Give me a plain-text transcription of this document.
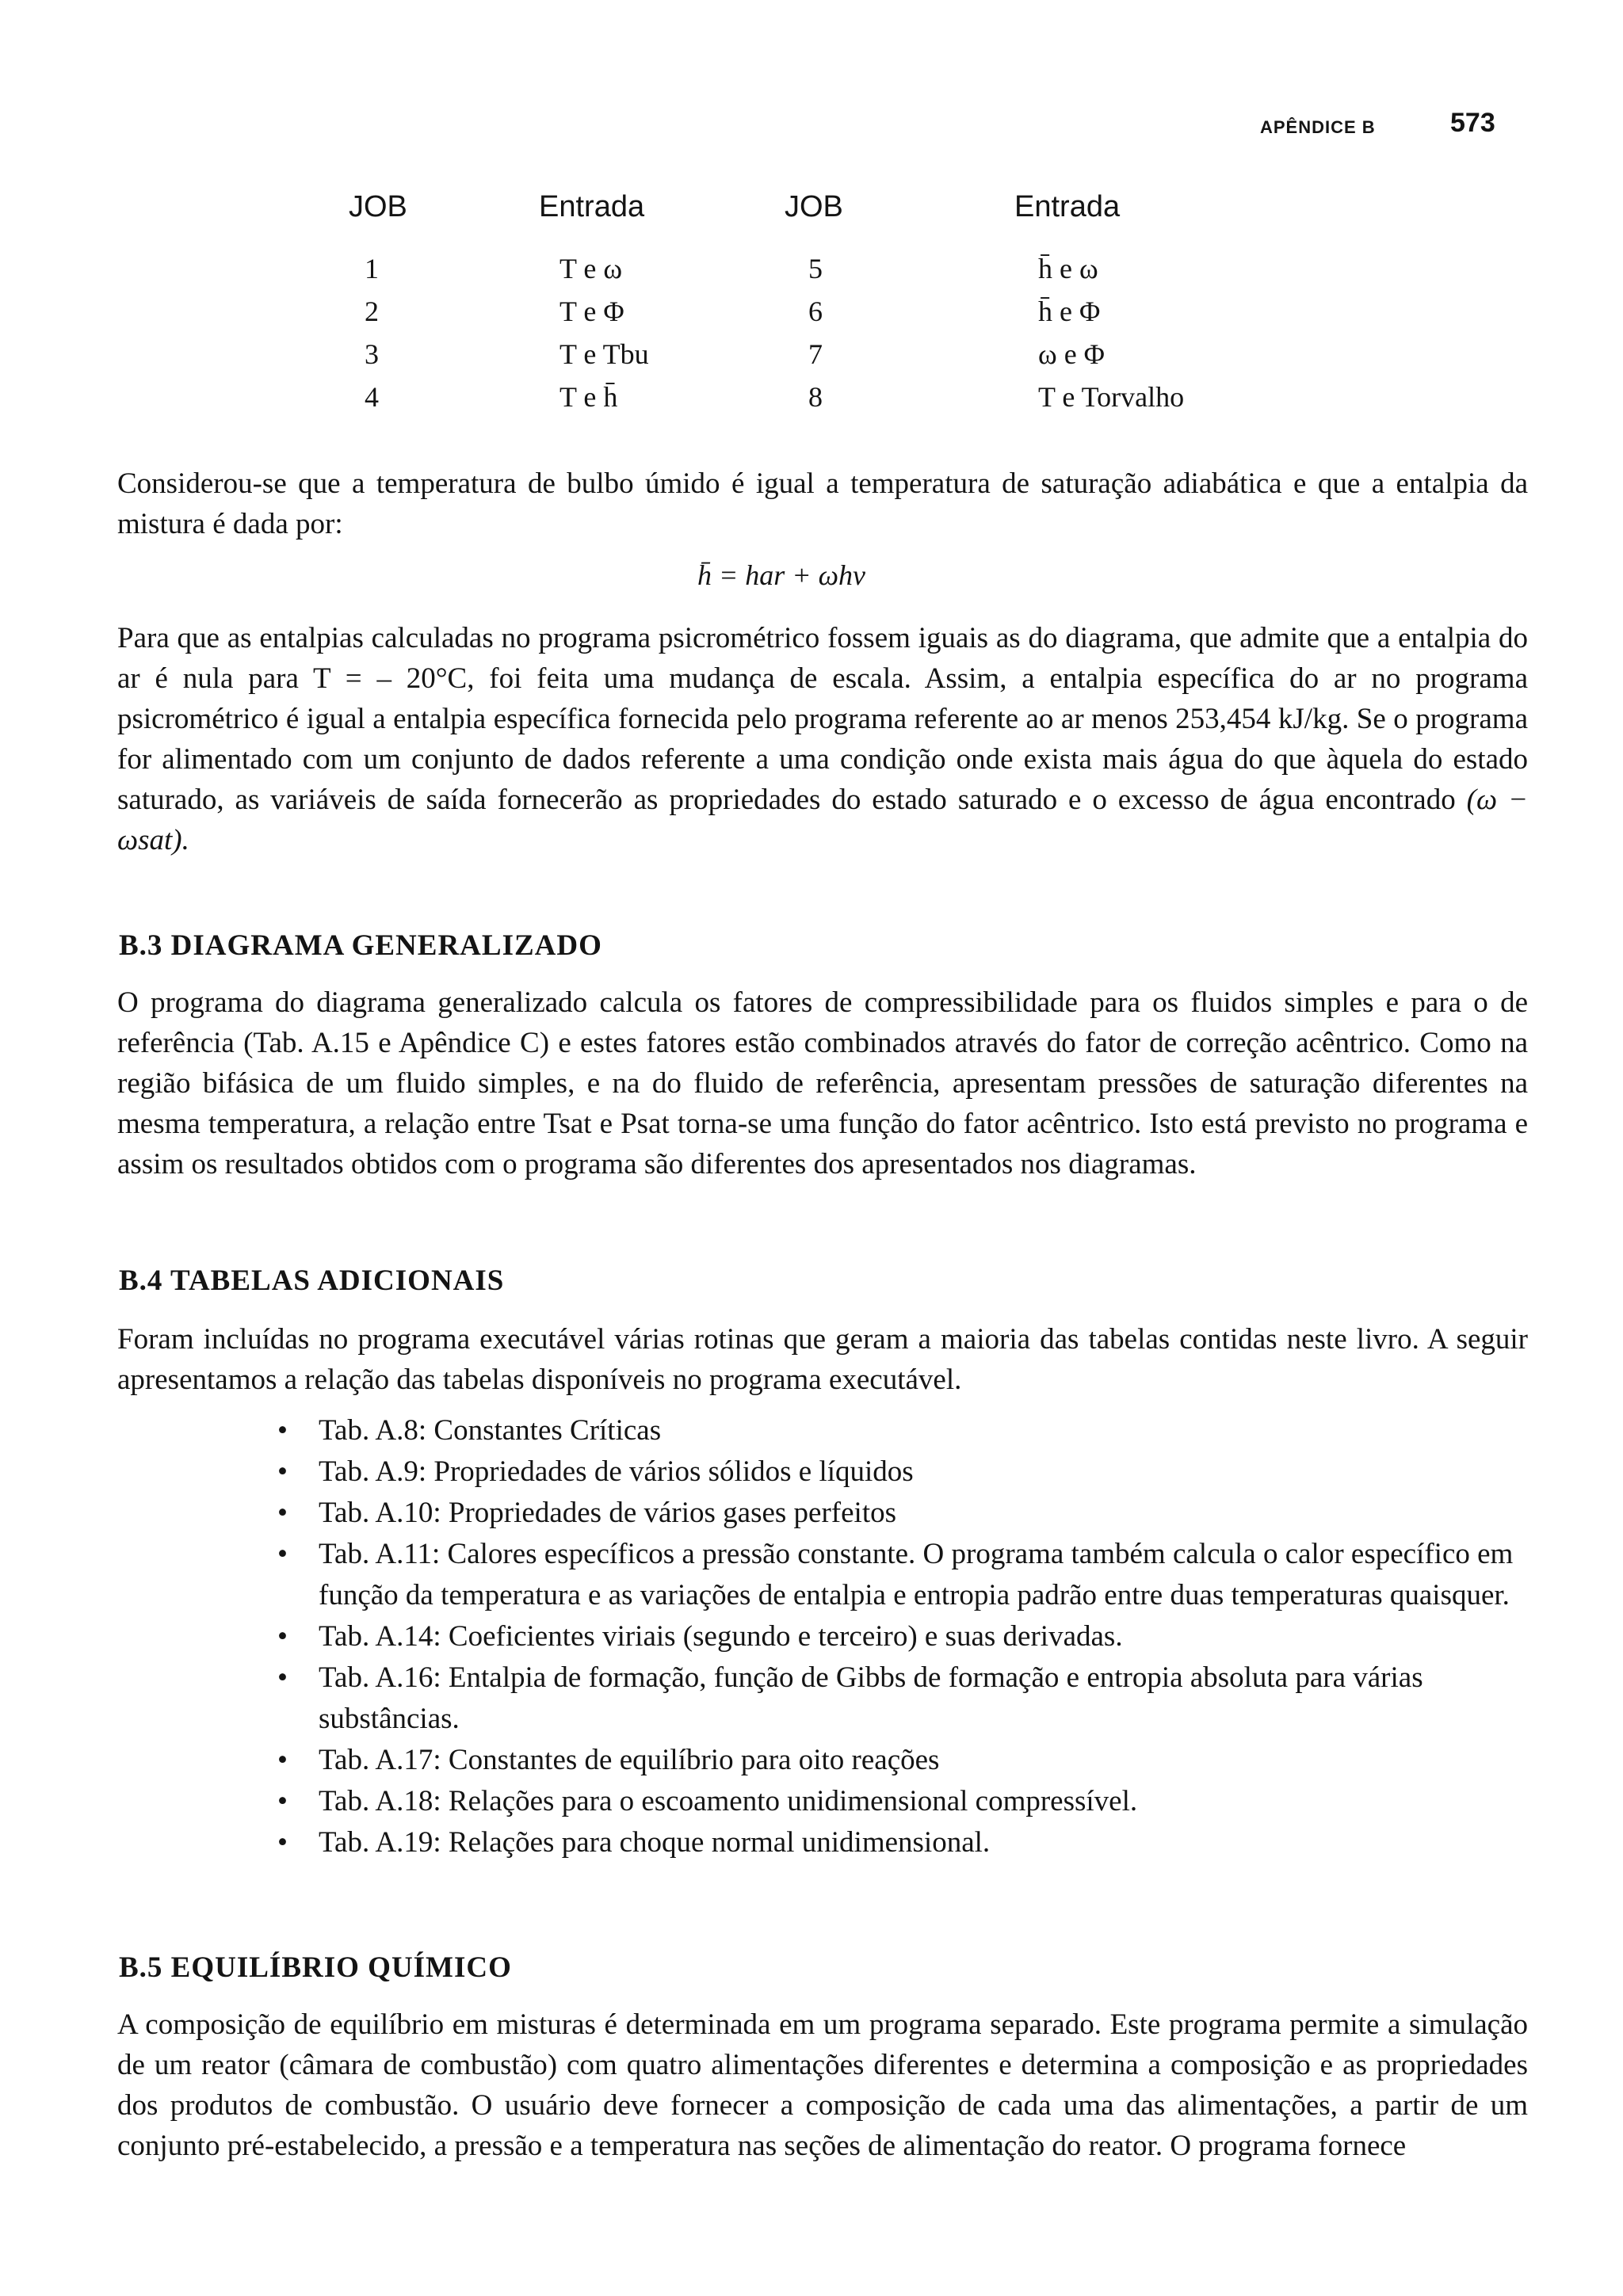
APÊNDICE B	573
JOB	Entrada	JOB	Entrada
1	T e ω	5	h̄ e ω
2	T e Φ	6	h̄ e Φ
3	T e Tbu	7	ω e Φ
4	T e h̄	8	T e Torvalho

Considerou-se que a temperatura de bulbo úmido é igual a temperatura de saturação adiabática e que a entalpia da mistura é dada por:

h̄ = har + ωhv

Para que as entalpias calculadas no programa psicrométrico fossem iguais as do diagrama, que admite que a entalpia do ar é nula para T = – 20°C, foi feita uma mudança de escala. Assim, a entalpia específica do ar no programa psicrométrico é igual a entalpia específica fornecida pelo programa referente ao ar menos 253,454 kJ/kg. Se o programa for alimentado com um conjunto de dados referente a uma condição onde exista mais água do que àquela do estado saturado, as variáveis de saída fornecerão as propriedades do estado saturado e o excesso de água encontrado (ω − ωsat).

B.3 DIAGRAMA GENERALIZADO

O programa do diagrama generalizado calcula os fatores de compressibilidade para os fluidos simples e para o de referência (Tab. A.15 e Apêndice C) e estes fatores estão combinados através do fator de correção acêntrico. Como na região bifásica de um fluido simples, e na do fluido de referência, apresentam pressões de saturação diferentes na mesma temperatura, a relação entre Tsat e Psat torna-se uma função do fator acêntrico. Isto está previsto no programa e assim os resultados obtidos com o programa são diferentes dos apresentados nos diagramas.

B.4 TABELAS ADICIONAIS

Foram incluídas no programa executável várias rotinas que geram a maioria das tabelas contidas neste livro. A seguir apresentamos a relação das tabelas disponíveis no programa executável.

• Tab. A.8: Constantes Críticas
• Tab. A.9: Propriedades de vários sólidos e líquidos
• Tab. A.10: Propriedades de vários gases perfeitos
• Tab. A.11: Calores específicos a pressão constante. O programa também calcula o calor específico em função da temperatura e as variações de entalpia e entropia padrão entre duas temperaturas quaisquer.
• Tab. A.14: Coeficientes viriais (segundo e terceiro) e suas derivadas.
• Tab. A.16: Entalpia de formação, função de Gibbs de formação e entropia absoluta para várias substâncias.
• Tab. A.17: Constantes de equilíbrio para oito reações
• Tab. A.18: Relações para o escoamento unidimensional compressível.
• Tab. A.19: Relações para choque normal unidimensional.
B.5 EQUILÍBRIO QUÍMICO

A composição de equilíbrio em misturas é determinada em um programa separado. Este programa permite a simulação de um reator (câmara de combustão) com quatro alimentações diferentes e determina a composição e as propriedades dos produtos de combustão. O usuário deve fornecer a composição de cada uma das alimentações, a partir de um conjunto pré-estabelecido, a pressão e a temperatura nas seções de alimentação do reator. O programa fornece
